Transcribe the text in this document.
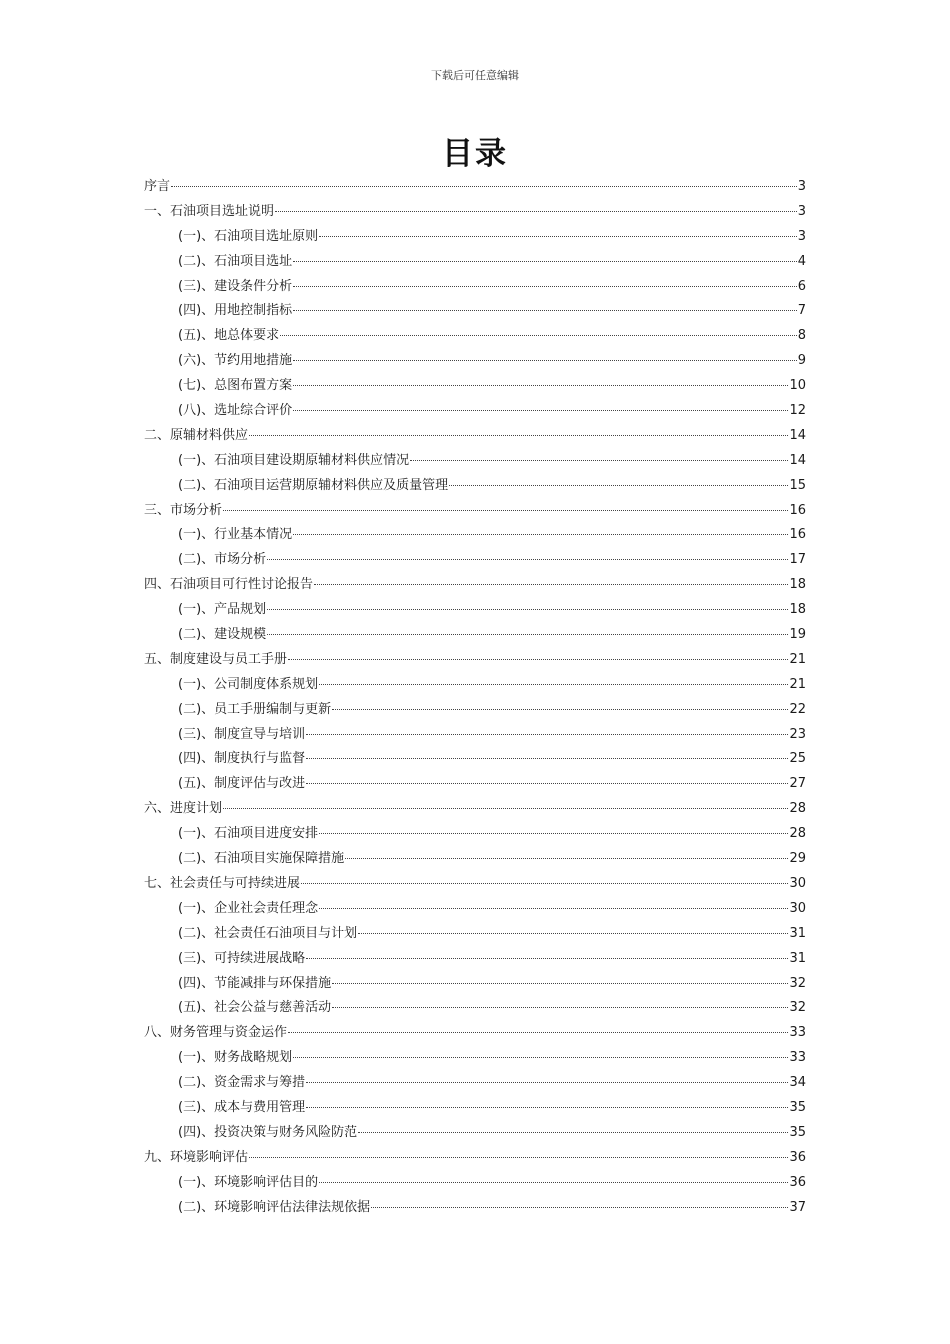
下载后可任意编辑
目录
序言	3
一、石油项目选址说明	3
(一)、石油项目选址原则	3
(二)、石油项目选址	4
(三)、建设条件分析	6
(四)、用地控制指标	7
(五)、地总体要求	8
(六)、节约用地措施	9
(七)、总图布置方案	10
(八)、选址综合评价	12
二、原辅材料供应	14
(一)、石油项目建设期原辅材料供应情况	14
(二)、石油项目运营期原辅材料供应及质量管理	15
三、市场分析	16
(一)、行业基本情况	16
(二)、市场分析	17
四、石油项目可行性讨论报告	18
(一)、产品规划	18
(二)、建设规模	19
五、制度建设与员工手册	21
(一)、公司制度体系规划	21
(二)、员工手册编制与更新	22
(三)、制度宣导与培训	23
(四)、制度执行与监督	25
(五)、制度评估与改进	27
六、进度计划	28
(一)、石油项目进度安排	28
(二)、石油项目实施保障措施	29
七、社会责任与可持续进展	30
(一)、企业社会责任理念	30
(二)、社会责任石油项目与计划	31
(三)、可持续进展战略	31
(四)、节能减排与环保措施	32
(五)、社会公益与慈善活动	32
八、财务管理与资金运作	33
(一)、财务战略规划	33
(二)、资金需求与筹措	34
(三)、成本与费用管理	35
(四)、投资决策与财务风险防范	35
九、环境影响评估	36
(一)、环境影响评估目的	36
(二)、环境影响评估法律法规依据	37
